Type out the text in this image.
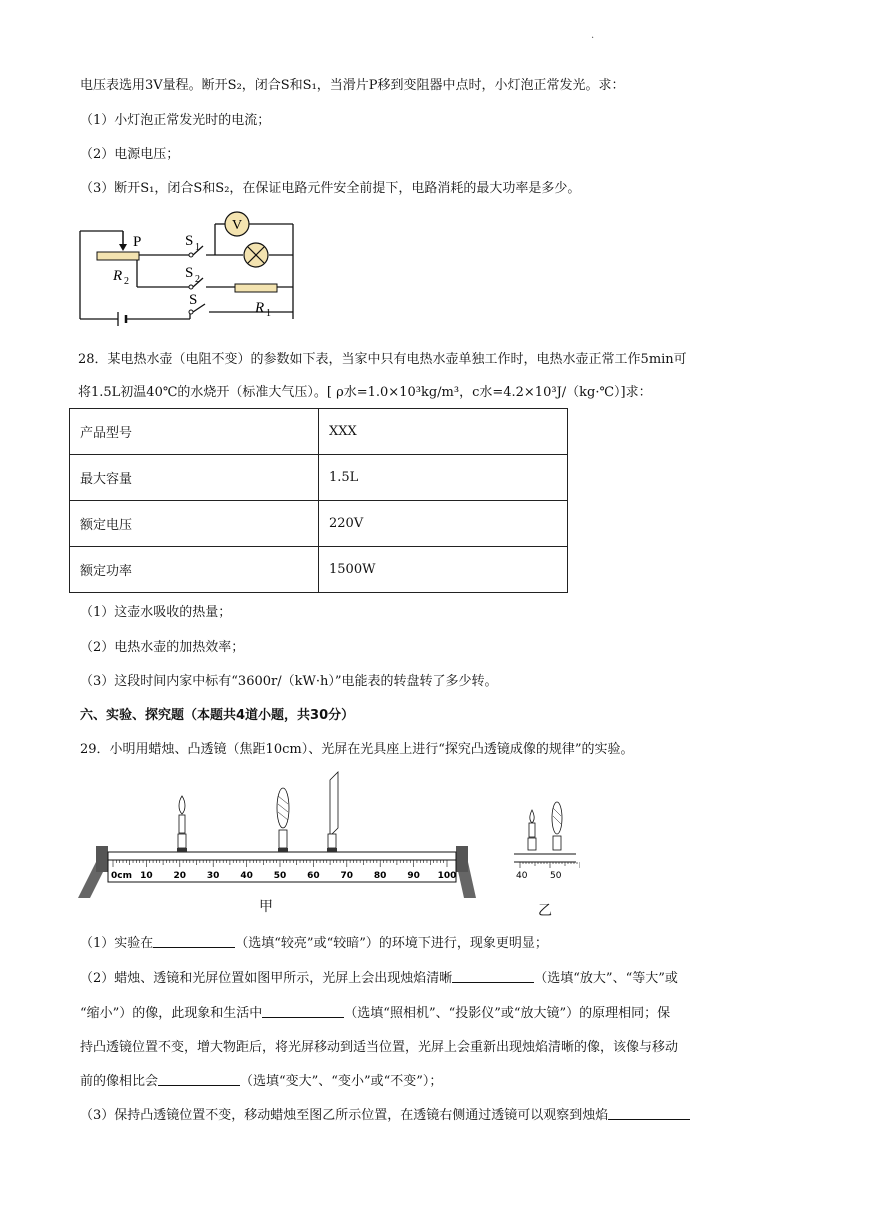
.
电压表选用3V量程。断开S₂，闭合S和S₁，当滑片P移到变阻器中点时，小灯泡正常发光。求：
（1）小灯泡正常发光时的电流；
（2）电源电压；
（3）断开S₁，闭合S和S₂，在保证电路元件安全前提下，电路消耗的最大功率是多少。
V
P
R 2
S 1
S 2
S	R 1
28．某电热水壶（电阻不变）的参数如下表，当家中只有电热水壶单独工作时，电热水壶正常工作5min可
将1.5L初温40℃的水烧开（标准大气压）。[ ρ水=1.0×10³kg/m³，c水=4.2×10³J/（kg·℃）]求：
产品型号	XXX
最大容量	1.5L
额定电压	220V
额定功率	1500W
（1）这壶水吸收的热量；
（2）电热水壶的加热效率；
（3）这段时间内家中标有“3600r/（kW·h）”电能表的转盘转了多少转。
六、实验、探究题（本题共4道小题，共30分）
29．小明用蜡烛、凸透镜（焦距10cm）、光屏在光具座上进行“探究凸透镜成像的规律”的实验。
0cm 10 20 30 40 50 60 70 80 90 100
甲
40	50
乙
（1）实验在	（选填“较亮”或“较暗”）的环境下进行，现象更明显；
（2）蜡烛、透镜和光屏位置如图甲所示，光屏上会出现烛焰清晰	（选填“放大”、“等大”或
“缩小”）的像，此现象和生活中	（选填“照相机”、“投影仪”或“放大镜”）的原理相同；保
持凸透镜位置不变，增大物距后，将光屏移动到适当位置，光屏上会重新出现烛焰清晰的像，该像与移动
前的像相比会	（选填“变大”、“变小”或“不变”）；
（3）保持凸透镜位置不变，移动蜡烛至图乙所示位置，在透镜右侧通过透镜可以观察到烛焰
